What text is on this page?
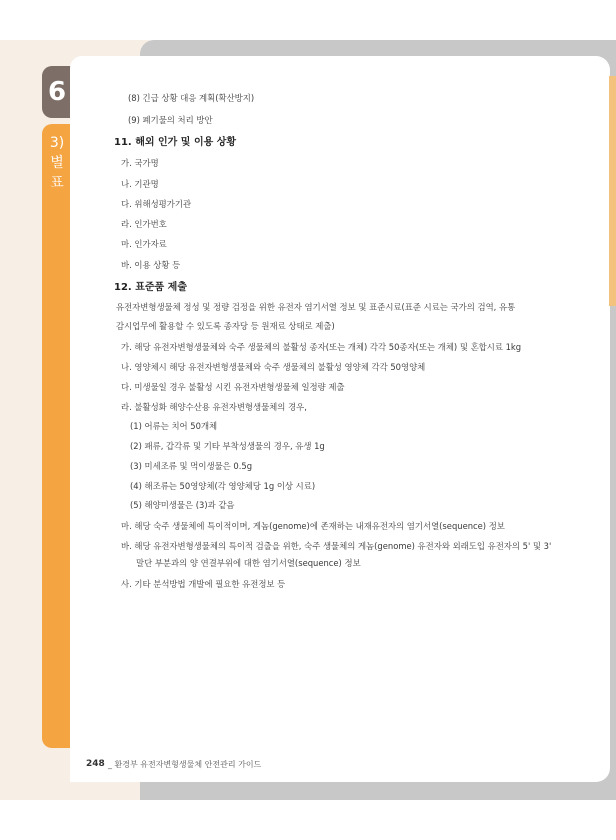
6
3)
별
표
(8) 긴급 상황 대응 계획(확산방지)
(9) 폐기물의 처리 방안
11. 해외 인가 및 이용 상황
가. 국가명
나. 기관명
다. 위해성평가기관
라. 인가번호
마. 인가자료
바. 이용 상황 등
12. 표준품 제출
유전자변형생물체 정성 및 정량 검정을 위한 유전자 염기서열 정보 및 표준시료(표준 시료는 국가의 검역, 유통
감시업무에 활용할 수 있도록 종자당 등 원재료 상태로 제출)
가. 해당 유전자변형생물체와 숙주 생물체의 불활성 종자(또는 개체) 각각 50종자(또는 개체) 및 혼합시료 1kg
나. 영양체시 해당 유전자변형생물체와 숙주 생물체의 불활성 영양체 각각 50영양체
다. 미생물일 경우 불활성 시킨 유전자변형생물체 일정량 제출
라. 불활성화 해양수산용 유전자변형생물체의 경우,
(1) 어류는 치어 50개체
(2) 패류, 갑각류 및 기타 부착성생물의 경우, 유생 1g
(3) 미세조류 및 먹이생물은 0.5g
(4) 해조류는 50영양체(각 영양체당 1g 이상 시료)
(5) 해양미생물은 (3)과 같음
마. 해당 숙주 생물체에 특이적이며, 게놈(genome)에 존재하는 내재유전자의 염기서열(sequence) 정보
바. 해당 유전자변형생물체의 특이적 검출을 위한, 숙주 생물체의 게놈(genome) 유전자와 외래도입 유전자의 5' 및 3'
말단 부분과의 양 연결부위에 대한 염기서열(sequence) 정보
사. 기타 분석방법 개발에 필요한 유전정보 등
248 _ 환경부 유전자변형생물체 안전관리 가이드
